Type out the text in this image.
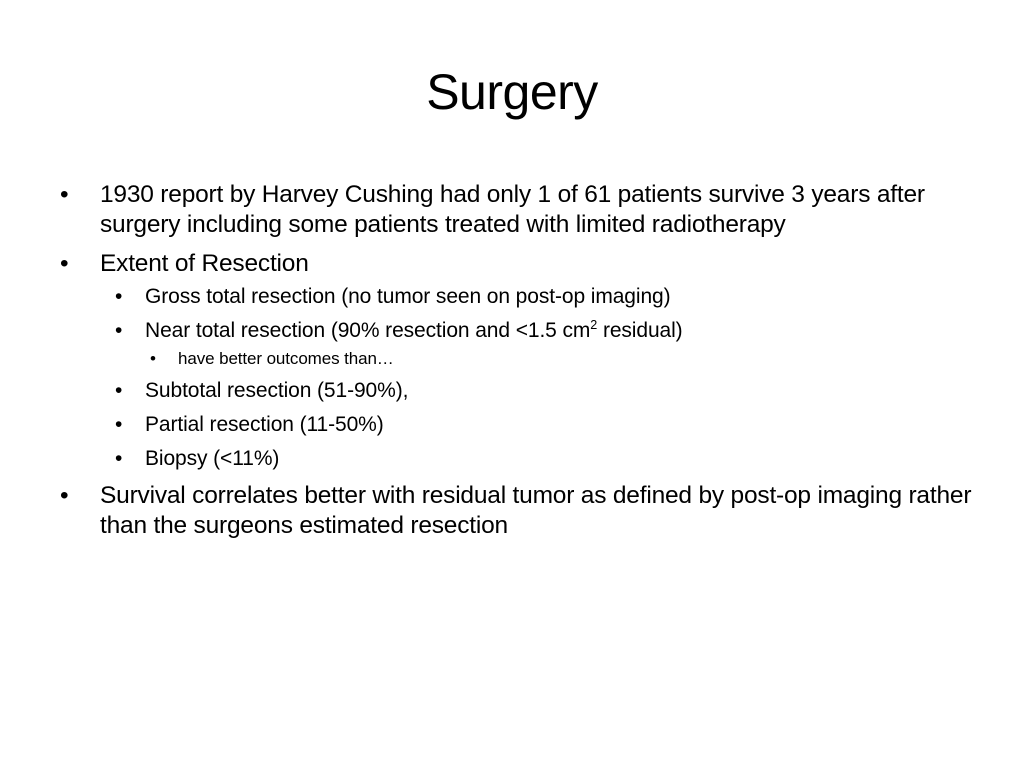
Surgery
• 1930 report by Harvey Cushing had only 1 of 61 patients survive 3 years after surgery including some patients treated with limited radiotherapy
• Extent of Resection
• Gross total resection (no tumor seen on post-op imaging)
• Near total resection (90% resection and <1.5 $cm^2$ residual)
• have better outcomes than…
• Subtotal resection (51-90%),
• Partial resection (11-50%)
• Biopsy (<11%)
• Survival correlates better with residual tumor as defined by post-op imaging rather than the surgeons estimated resection
